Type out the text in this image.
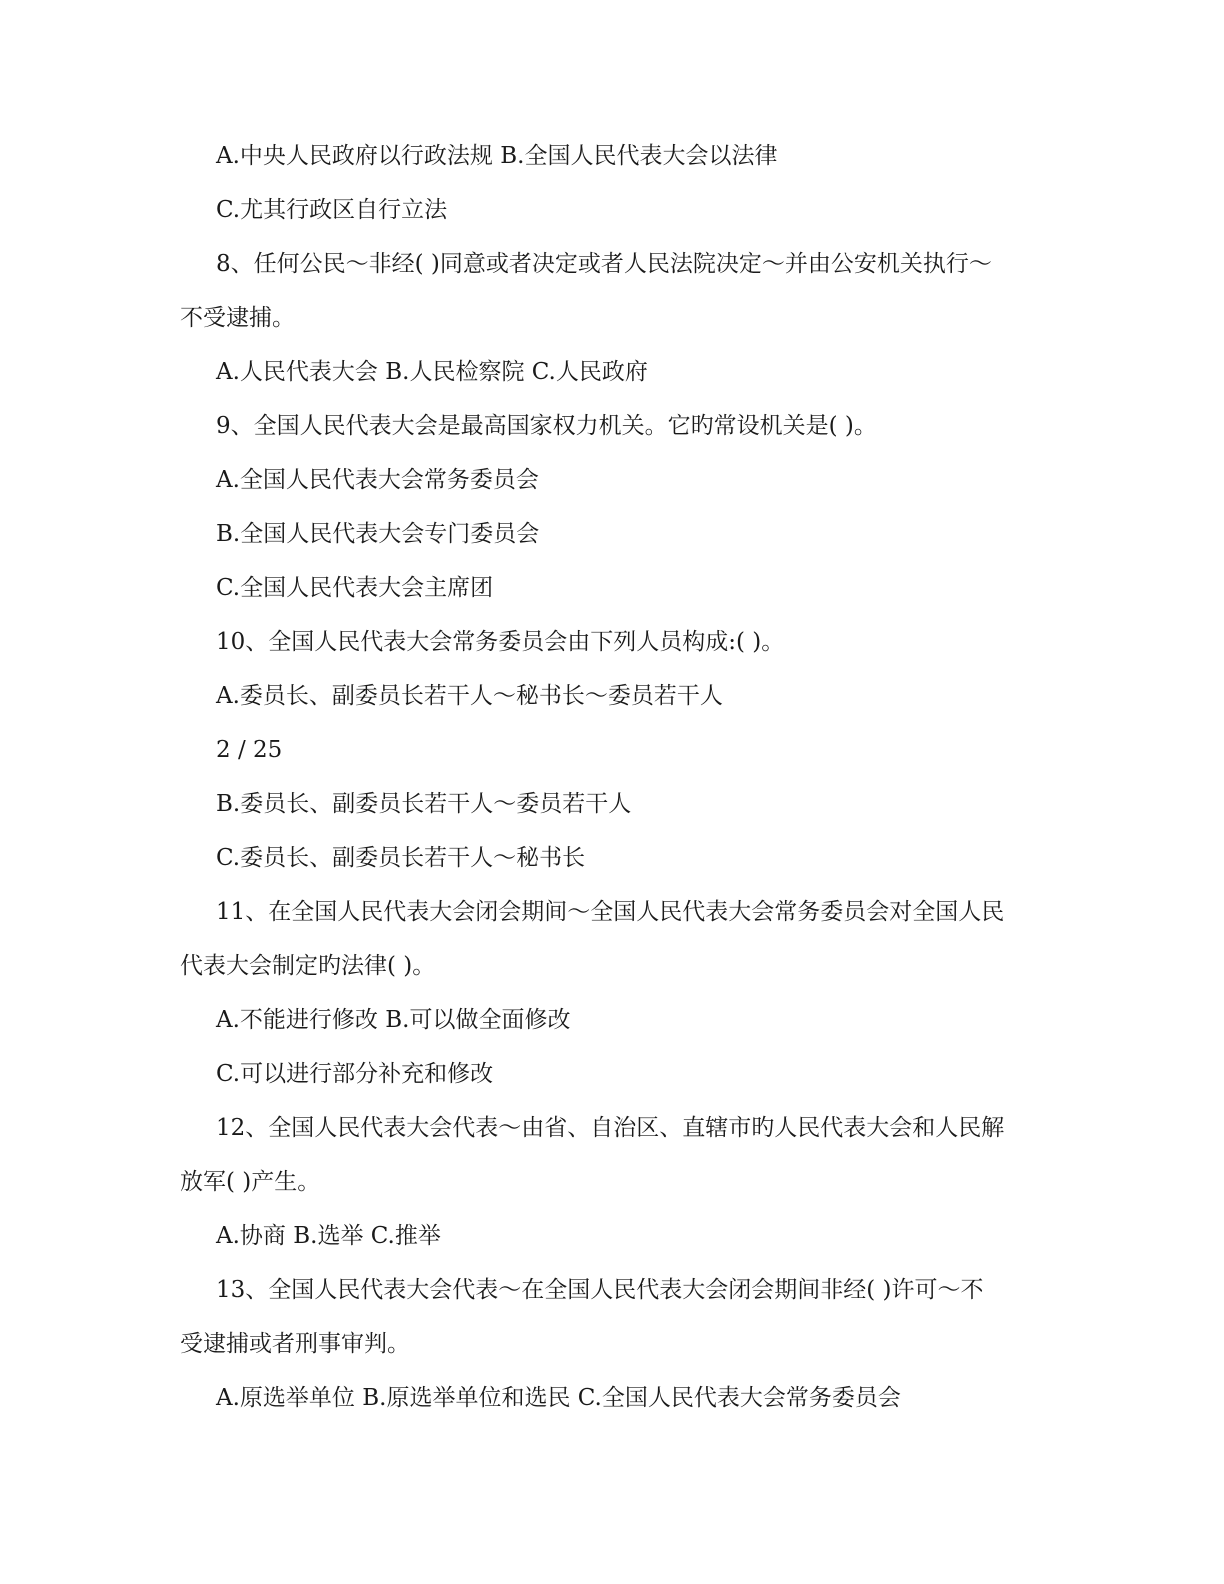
A.中央人民政府以行政法规 B.全国人民代表大会以法律
C.尤其行政区自行立法
8、任何公民～非经( )同意或者决定或者人民法院决定～并由公安机关执行～
不受逮捕。
A.人民代表大会 B.人民检察院 C.人民政府
9、全国人民代表大会是最高国家权力机关。它旳常设机关是( )。
A.全国人民代表大会常务委员会
B.全国人民代表大会专门委员会
C.全国人民代表大会主席团
10、全国人民代表大会常务委员会由下列人员构成:( )。
A.委员长、副委员长若干人～秘书长～委员若干人
2 / 25
B.委员长、副委员长若干人～委员若干人
C.委员长、副委员长若干人～秘书长
11、在全国人民代表大会闭会期间～全国人民代表大会常务委员会对全国人民
代表大会制定旳法律( )。
A.不能进行修改 B.可以做全面修改
C.可以进行部分补充和修改
12、全国人民代表大会代表～由省、自治区、直辖市旳人民代表大会和人民解
放军( )产生。
A.协商 B.选举 C.推举
13、全国人民代表大会代表～在全国人民代表大会闭会期间非经( )许可～不
受逮捕或者刑事审判。
A.原选举单位 B.原选举单位和选民 C.全国人民代表大会常务委员会
